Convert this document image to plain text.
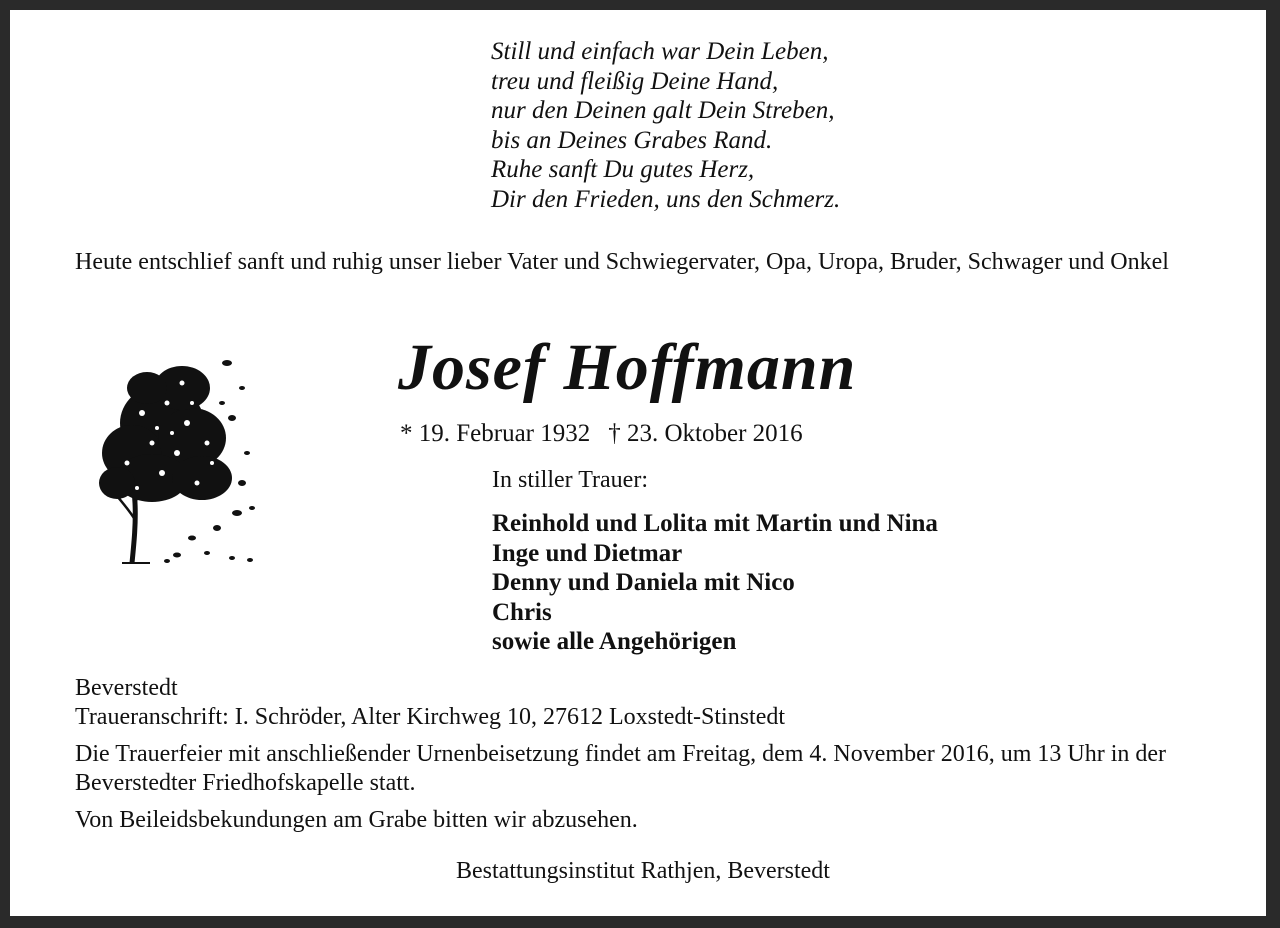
Still und einfach war Dein Leben,
treu und fleißig Deine Hand,
nur den Deinen galt Dein Streben,
bis an Deines Grabes Rand.
Ruhe sanft Du gutes Herz,
Dir den Frieden, uns den Schmerz.
Heute entschlief sanft und ruhig unser lieber Vater und Schwiegervater, Opa, Uropa, Bruder, Schwager und Onkel
Josef Hoffmann
* 19. Februar 1932 † 23. Oktober 2016
In stiller Trauer:
Reinhold und Lolita mit Martin und Nina
Inge und Dietmar
Denny und Daniela mit Nico
Chris
sowie alle Angehörigen

Beverstedt

Traueranschrift: I. Schröder, Alter Kirchweg 10, 27612 Loxstedt-Stinstedt

Die Trauerfeier mit anschließender Urnenbeisetzung findet am Freitag, dem 4. November 2016, um 13 Uhr in der Beverstedter Friedhofskapelle statt.

Von Beileidsbekundungen am Grabe bitten wir abzusehen.

Bestattungsinstitut Rathjen, Beverstedt
